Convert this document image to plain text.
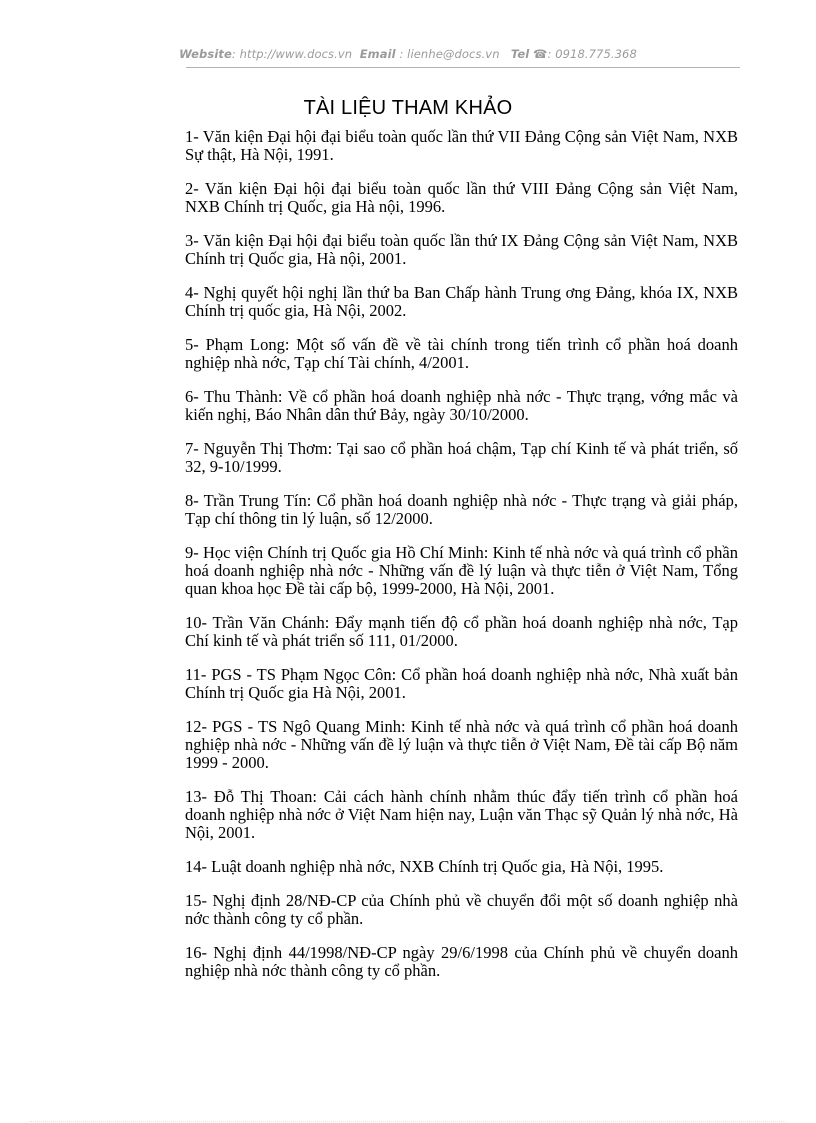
Website: http://www.docs.vn Email : lienhe@docs.vn Tel ☎: 0918.775.368
TÀI LIỆU THAM KHẢO
1- Văn kiện Đại hội đại biểu toàn quốc lần thứ VII Đảng Cộng sản Việt Nam, NXB Sự thật, Hà Nội, 1991.
2- Văn kiện Đại hội đại biểu toàn quốc lần thứ VIII Đảng Cộng sản Việt Nam, NXB Chính trị Quốc, gia Hà nội, 1996.
3- Văn kiện Đại hội đại biểu toàn quốc lần thứ IX Đảng Cộng sản Việt Nam, NXB Chính trị Quốc gia, Hà nội, 2001.
4- Nghị quyết hội nghị lần thứ ba Ban Chấp hành Trung ơng Đảng, khóa IX, NXB Chính trị quốc gia, Hà Nội, 2002.
5- Phạm Long: Một số vấn đề về tài chính trong tiến trình cổ phần hoá doanh nghiệp nhà nớc, Tạp chí Tài chính, 4/2001.
6- Thu Thành: Về cổ phần hoá doanh nghiệp nhà nớc - Thực trạng, vớng mắc và kiến nghị, Báo Nhân dân thứ Bảy, ngày 30/10/2000.
7- Nguyễn Thị Thơm: Tại sao cổ phần hoá chậm, Tạp chí Kinh tế và phát triển, số 32, 9-10/1999.
8- Trần Trung Tín: Cổ phần hoá doanh nghiệp nhà nớc - Thực trạng và giải pháp, Tạp chí thông tin lý luận, số 12/2000.
9- Học viện Chính trị Quốc gia Hồ Chí Minh: Kinh tế nhà nớc và quá trình cổ phần hoá doanh nghiệp nhà nớc - Những vấn đề lý luận và thực tiễn ở Việt Nam, Tổng quan khoa học Đề tài cấp bộ, 1999-2000, Hà Nội, 2001.
10- Trần Văn Chánh: Đẩy mạnh tiến độ cổ phần hoá doanh nghiệp nhà nớc, Tạp Chí kinh tế và phát triển số 111, 01/2000.
11- PGS - TS Phạm Ngọc Côn: Cổ phần hoá doanh nghiệp nhà nớc, Nhà xuất bản Chính trị Quốc gia Hà Nội, 2001.
12- PGS - TS Ngô Quang Minh: Kinh tế nhà nớc và quá trình cổ phần hoá doanh nghiệp nhà nớc - Những vấn đề lý luận và thực tiễn ở Việt Nam, Đề tài cấp Bộ năm 1999 - 2000.
13- Đỗ Thị Thoan: Cải cách hành chính nhằm thúc đẩy tiến trình cổ phần hoá doanh nghiệp nhà nớc ở Việt Nam hiện nay, Luận văn Thạc sỹ Quản lý nhà nớc, Hà Nội, 2001.
14- Luật doanh nghiệp nhà nớc, NXB Chính trị Quốc gia, Hà Nội, 1995.
15- Nghị định 28/NĐ-CP của Chính phủ về chuyển đổi một số doanh nghiệp nhà nớc thành công ty cổ phần.
16- Nghị định 44/1998/NĐ-CP ngày 29/6/1998 của Chính phủ về chuyển doanh nghiệp nhà nớc thành công ty cổ phần.
